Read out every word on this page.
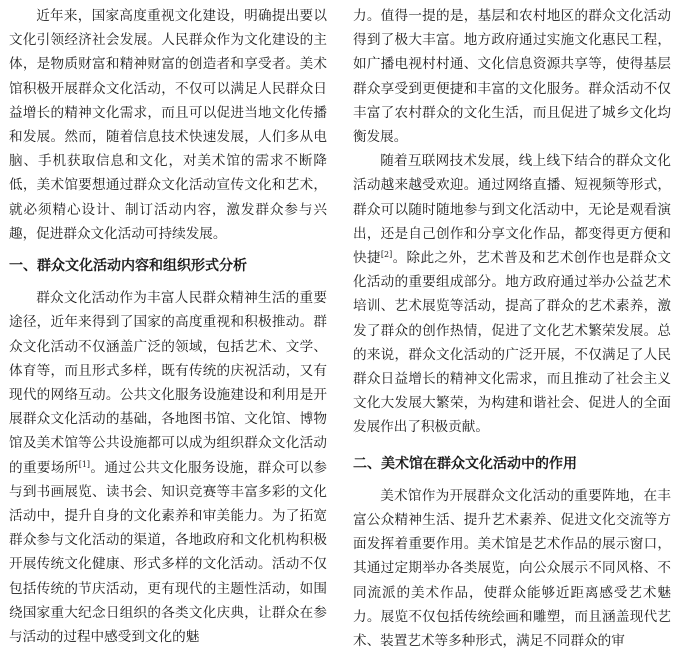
近年来，国家高度重视文化建设，明确提出要以文化引领经济社会发展。人民群众作为文化建设的主体，是物质财富和精神财富的创造者和享受者。美术馆积极开展群众文化活动，不仅可以满足人民群众日益增长的精神文化需求，而且可以促进当地文化传播和发展。然而，随着信息技术快速发展，人们多从电脑、手机获取信息和文化，对美术馆的需求不断降低，美术馆要想通过群众文化活动宣传文化和艺术，就必须精心设计、制订活动内容，激发群众参与兴趣，促进群众文化活动可持续发展。

一、群众文化活动内容和组织形式分析

群众文化活动作为丰富人民群众精神生活的重要途径，近年来得到了国家的高度重视和积极推动。群众文化活动不仅涵盖广泛的领域，包括艺术、文学、体育等，而且形式多样，既有传统的庆祝活动，又有现代的网络互动。公共文化服务设施建设和利用是开展群众文化活动的基础，各地图书馆、文化馆、博物馆及美术馆等公共设施都可以成为组织群众文化活动的重要场所[1]。通过公共文化服务设施，群众可以参与到书画展览、读书会、知识竞赛等丰富多彩的文化活动中，提升自身的文化素养和审美能力。为了拓宽群众参与文化活动的渠道，各地政府和文化机构积极开展传统文化健康、形式多样的文化活动。活动不仅包括传统的节庆活动，更有现代的主题性活动，如围绕国家重大纪念日组织的各类文化庆典，让群众在参与活动的过程中感受到文化的魅

力。值得一提的是，基层和农村地区的群众文化活动得到了极大丰富。地方政府通过实施文化惠民工程，如广播电视村村通、文化信息资源共享等，使得基层群众享受到更便捷和丰富的文化服务。群众活动不仅丰富了农村群众的文化生活，而且促进了城乡文化均衡发展。

随着互联网技术发展，线上线下结合的群众文化活动越来越受欢迎。通过网络直播、短视频等形式，群众可以随时随地参与到文化活动中，无论是观看演出，还是自己创作和分享文化作品，都变得更方便和快捷[2]。除此之外，艺术普及和艺术创作也是群众文化活动的重要组成部分。地方政府通过举办公益艺术培训、艺术展览等活动，提高了群众的艺术素养，激发了群众的创作热情，促进了文化艺术繁荣发展。总的来说，群众文化活动的广泛开展，不仅满足了人民群众日益增长的精神文化需求，而且推动了社会主义文化大发展大繁荣，为构建和谐社会、促进人的全面发展作出了积极贡献。

二、美术馆在群众文化活动中的作用

美术馆作为开展群众文化活动的重要阵地，在丰富公众精神生活、提升艺术素养、促进文化交流等方面发挥着重要作用。美术馆是艺术作品的展示窗口，其通过定期举办各类展览，向公众展示不同风格、不同流派的美术作品，使群众能够近距离感受艺术魅力。展览不仅包括传统绘画和雕塑，而且涵盖现代艺术、装置艺术等多种形式，满足不同群众的审
